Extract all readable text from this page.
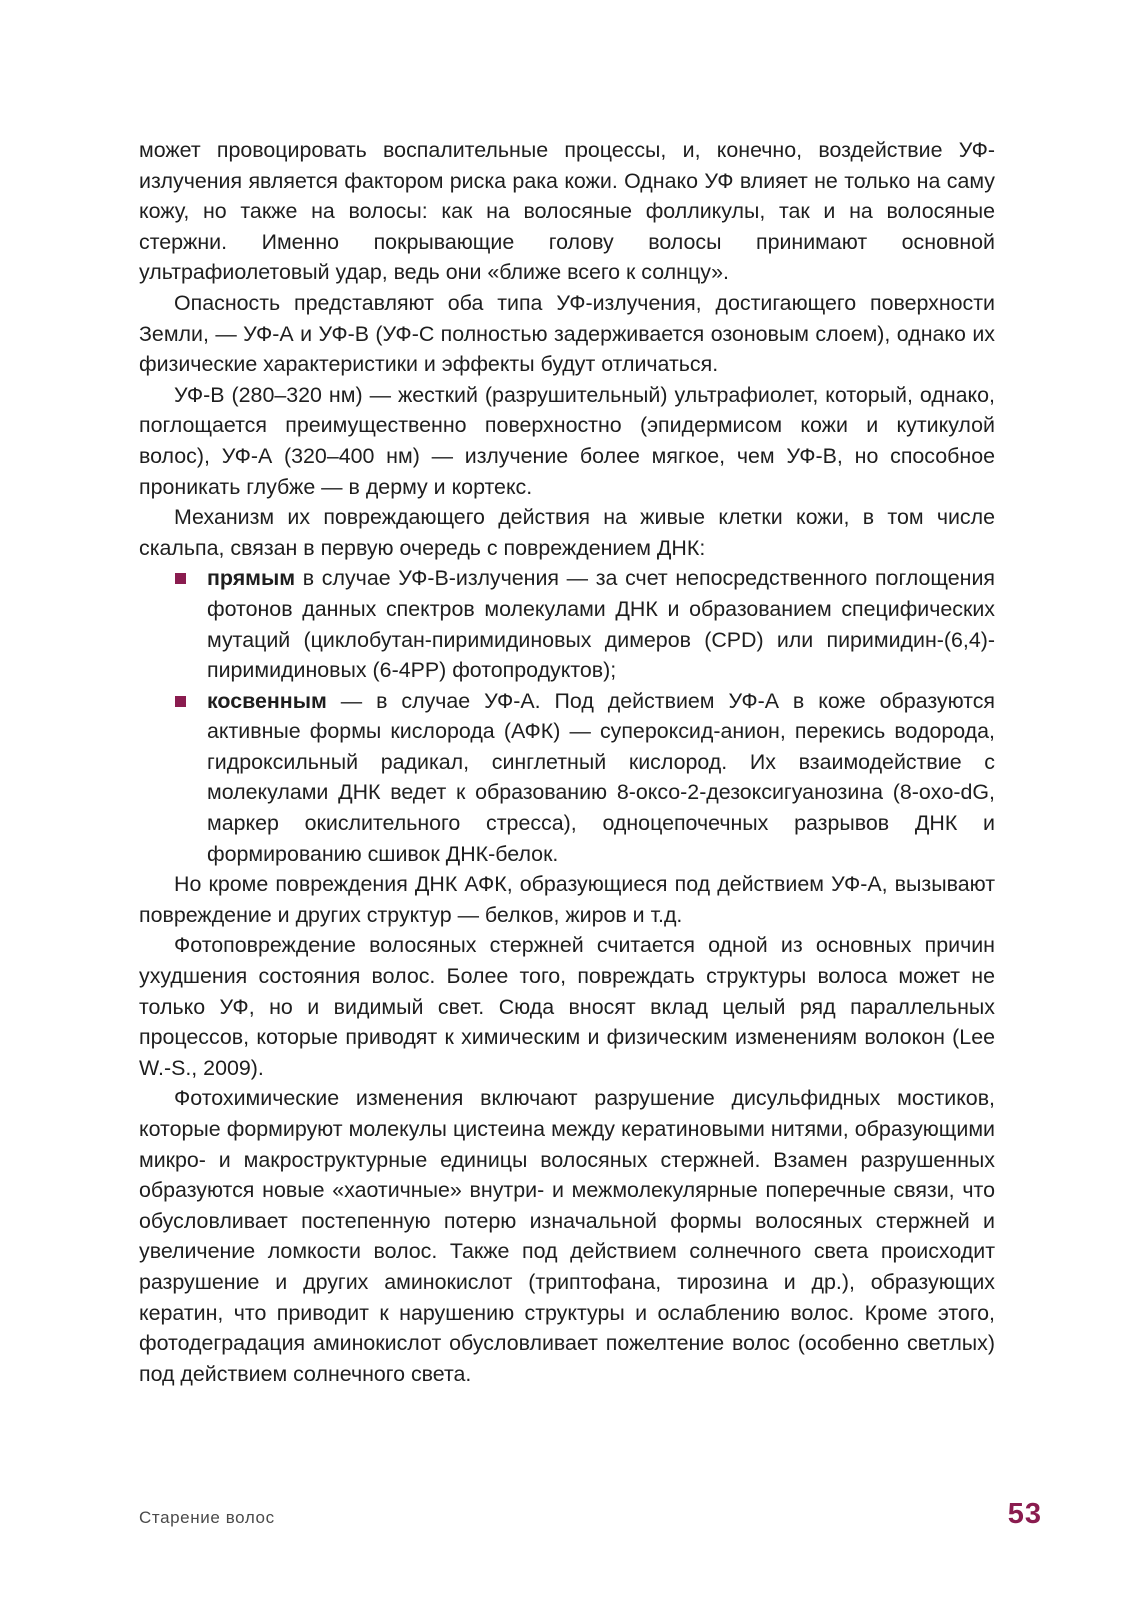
может провоцировать воспалительные процессы, и, конечно, воздействие УФ-излучения является фактором риска рака кожи. Однако УФ влияет не только на саму кожу, но также на волосы: как на волосяные фолликулы, так и на волосяные стержни. Именно покрывающие голову волосы принимают основной ультрафиолетовый удар, ведь они «ближе всего к солнцу».

Опасность представляют оба типа УФ-излучения, достигающего поверхности Земли, — УФ-А и УФ-В (УФ-С полностью задерживается озоновым слоем), однако их физические характеристики и эффекты будут отличаться.

УФ-В (280–320 нм) — жесткий (разрушительный) ультрафиолет, который, однако, поглощается преимущественно поверхностно (эпидермисом кожи и кутикулой волос), УФ-А (320–400 нм) — излучение более мягкое, чем УФ-В, но способное проникать глубже — в дерму и кортекс.

Механизм их повреждающего действия на живые клетки кожи, в том числе скальпа, связан в первую очередь с повреждением ДНК:

прямым в случае УФ-В-излучения — за счет непосредственного поглощения фотонов данных спектров молекулами ДНК и образованием специфических мутаций (циклобутан-пиримидиновых димеров (CPD) или пиримидин-(6,4)-пиримидиновых (6-4PP) фотопродуктов);
косвенным — в случае УФ-А. Под действием УФ-А в коже образуются активные формы кислорода (АФК) — супероксид-анион, перекись водорода, гидроксильный радикал, синглетный кислород. Их взаимодействие с молекулами ДНК ведет к образованию 8-оксо-2-дезоксигуанозина (8-oxo-dG, маркер окислительного стресса), одноцепочечных разрывов ДНК и формированию сшивок ДНК-белок.

Но кроме повреждения ДНК АФК, образующиеся под действием УФ-А, вызывают повреждение и других структур — белков, жиров и т.д.

Фотоповреждение волосяных стержней считается одной из основных причин ухудшения состояния волос. Более того, повреждать структуры волоса может не только УФ, но и видимый свет. Сюда вносят вклад целый ряд параллельных процессов, которые приводят к химическим и физическим изменениям волокон (Lee W.-S., 2009).

Фотохимические изменения включают разрушение дисульфидных мостиков, которые формируют молекулы цистеина между кератиновыми нитями, образующими микро- и макроструктурные единицы волосяных стержней. Взамен разрушенных образуются новые «хаотичные» внутри- и межмолекулярные поперечные связи, что обусловливает постепенную потерю изначальной формы волосяных стержней и увеличение ломкости волос. Также под действием солнечного света происходит разрушение и других аминокислот (триптофана, тирозина и др.), образующих кератин, что приводит к нарушению структуры и ослаблению волос. Кроме этого, фотодеградация аминокислот обусловливает пожелтение волос (особенно светлых) под действием солнечного света.

Старение волос	53
